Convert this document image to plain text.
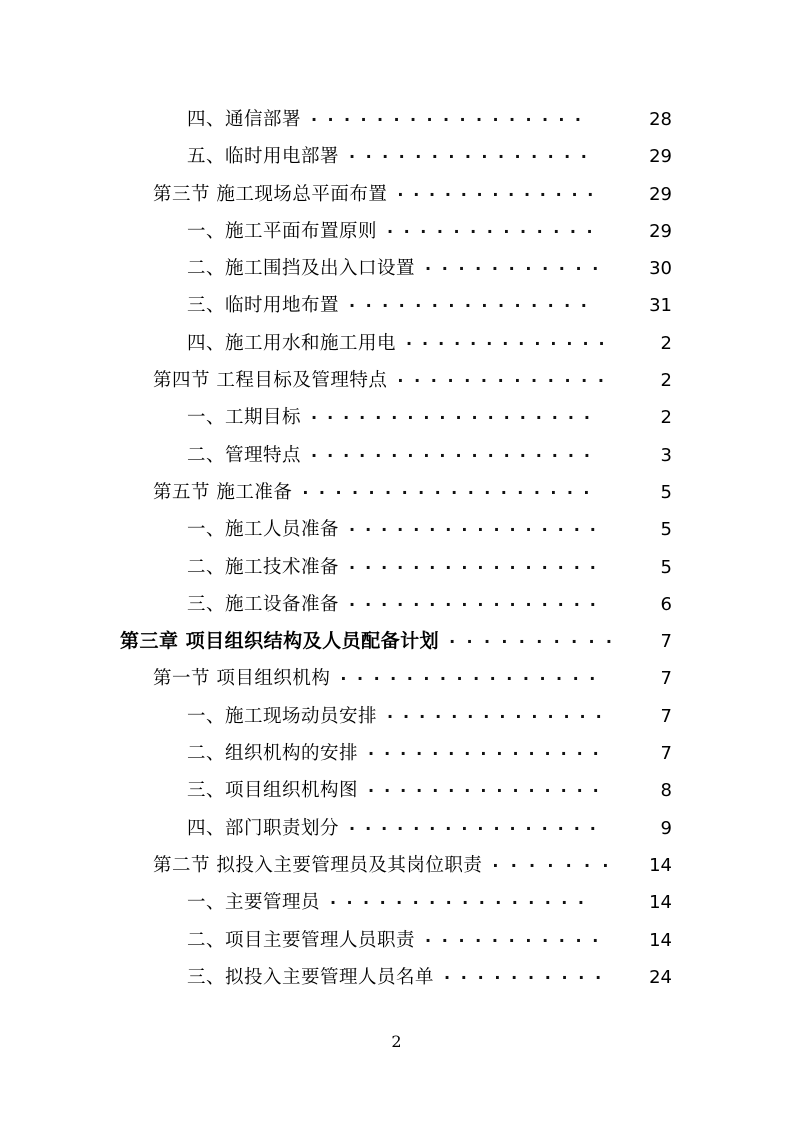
四、通信部署 ·················	28
五、临时用电部署 ···············	29
第三节 施工现场总平面布置 ·············	29
一、施工平面布置原则 ·············	29
二、施工围挡及出入口设置 ···········	30
三、临时用地布置 ···············	31
四、施工用水和施工用电 ·············	2
第四节 工程目标及管理特点 ·············	2
一、工期目标 ··················	2
二、管理特点 ··················	3
第五节 施工准备 ··················	5
一、施工人员准备 ················	5
二、施工技术准备 ················	5
三、施工设备准备 ················	6
第三章 项目组织结构及人员配备计划 ··········	7
第一节 项目组织机构 ················	7
一、施工现场动员安排 ··············	7
二、组织机构的安排 ···············	7
三、项目组织机构图 ···············	8
四、部门职责划分 ················	9
第二节 拟投入主要管理员及其岗位职责 ·······	14
一、主要管理员 ················	14
二、项目主要管理人员职责 ···········	14
三、拟投入主要管理人员名单 ··········	24
2
